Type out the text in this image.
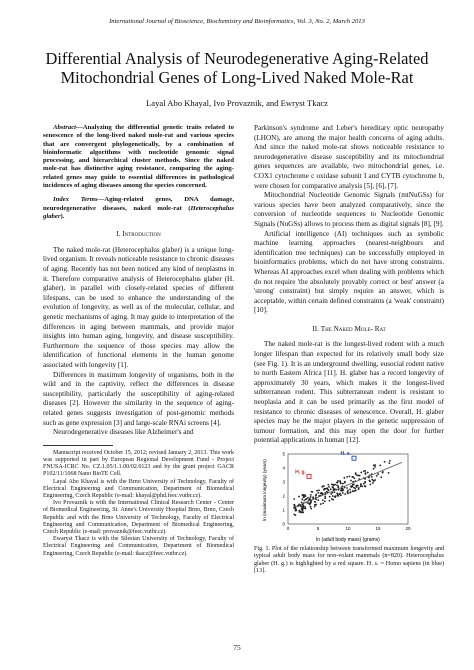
International Journal of Bioscience, Biochemistry and Bioinformatics, Vol. 3, No. 2, March 2013
Differential Analysis of Neurodegenerative Aging-Related Mitochondrial Genes of Long-Lived Naked Mole-Rat
Layal Abo Khayal, Ivo Provaznik, and Ewryst Tkacz

Abstract—Analyzing the differential genetic traits related to senescence of the long-lived naked mole-rat and various species that are convergent phylogenetically, by a combination of bioinformatic algorithms with nucleotide genomic signal processing, and hierarchical cluster methods. Since the naked mole-rat has distinctive aging resistance, comparing the aging-related genes may guide to essential differences in pathological incidences of aging diseases among the species concerned.

Index Terms—Aging-related genes, DNA damage, neurodegenerative diseases, naked mole-rat (Heterocephalus glaber).

I. Introduction

The naked mole-rat (Heterocephalus glaber) is a unique long-lived organism. It reveals noticeable resistance to chronic diseases of aging. Recently has not been noticed any kind of neoplasms in it. Therefore comparative analysis of Heterocephalus glaber (H. glaber), in parallel with closely-related species of different lifespans, can be used to enhance the understanding of the evolution of longevity, as well as of the molecular, cellular, and genetic mechanisms of aging. It may guide to interpretation of the differences in aging between mammals, and provide major insights into human aging, longevity, and disease susceptibility. Furthermore the sequence of those species may allow the identification of functional elements in the human genome associated with longevity [1].

Differences in maximum longevity of organisms, both in the wild and in the captivity, reflect the differences in disease susceptibility, particularly the susceptibility of aging-related diseases [2]. However the similarity in the sequence of aging-related genes suggests investigation of post-genomic methods such as gene expression [3] and large-scale RNAi screens [4].

Neurodegenerative diseases like Alzheimer's and

Manuscript received October 15, 2012; revised January 2, 2013. This work was supported in part by European Regional Development Fund - Project FNUSA-ICRC No. CZ.1.05/1.1.00/02.0123 and by the grant project GACR P102/11/1068 Nano BioTE Cell.

Layal Abo Khayal is with the Brno University of Technology, Faculty of Electrical Engineering and Communication, Department of Biomedical Engineering, Czech Republic (e-mail: khayal@phd.feec.vutbr.cz).

Ivo Provaznik is with the International Clinical Research Center - Center of Biomedical Engineering, St. Anne's University Hospital Brno, Brno, Czech Republic and with the Brno University of Technology, Faculty of Electrical Engineering and Communication, Department of Biomedical Engineering, Czech Republic (e-mail: provaznik@feec.vutbr.cz).

Ewaryst Tkacz is with the Silesian University of Technology, Faculty of Electrical Engineering and Communication, Department of Biomedical Engineering, Czech Republic (e-mail: tkacz@feec.vutbr.cz).

Parkinson's syndrome and Leber's hereditary optic neuropathy (LHON), are among the major health concerns of aging adults. And since the naked mole-rat shows noticeable resistance to neurodegenerative disease susceptibility and its mitochondrial genes sequences are available, two mitochondrial genes, i.e. COX1 cytochrome c oxidase subunit I and CYTB cytochrome b, were chosen for comparative analysis [5], [6], [7].

Mitochondrial Nucleotide Genomic Signals (mtNuGSs) for various species have been analyzed comparatively, since the conversion of nucleotide sequences to Nucleotide Genomic Signals (NuGSs) allows to process them as digital signals [8], [9].

Artificial intelligence (AI) techniques such as symbolic machine learning approaches (nearest-neighbours and identification tree techniques) can be successfully employed in bioinformatics problems, which do not have strong constraints. Whereas AI approaches excel when dealing with problems which do not require 'the absolutely provably correct or best' answer (a 'strong' constraint) but simply require an answer, which is acceptable, within certain defined constraints (a 'weak' constraint) [10].

II. The Naked Mole- Rat

The naked mole-rat is the longest-lived rodent with a much longer lifespan than expected for its relatively small body size (see Fig. 1). It is an underground dwelling, eusocial rodent native to north Eastern Africa [11]. H. glaber has a record longevity of approximately 30 years, which makes it the longest-lived subterranean rodent. This subterranean rodent is resistant to neoplasia and it can be used primarily as the first model of resistance to chronic diseases of senescence. Overall, H. glaber species may be the major players in the genetic suppression of tumour formation, and this may open the door for further potential applications in human [12].

H. g.
H. s.
0	5	10	15	20
0
1
2
3
4
5
ln (adult body mass) (grams)
ln (maximum longevity) (years)

Fig. 1. Plot of the relationship between transformed maximum longevity and typical adult body mass for non-volant mammals (n=820). Heterocephalus glaber (H. g.) is highlighted by a red square. H. s. = Homo sapiens (in blue) [13].

75
